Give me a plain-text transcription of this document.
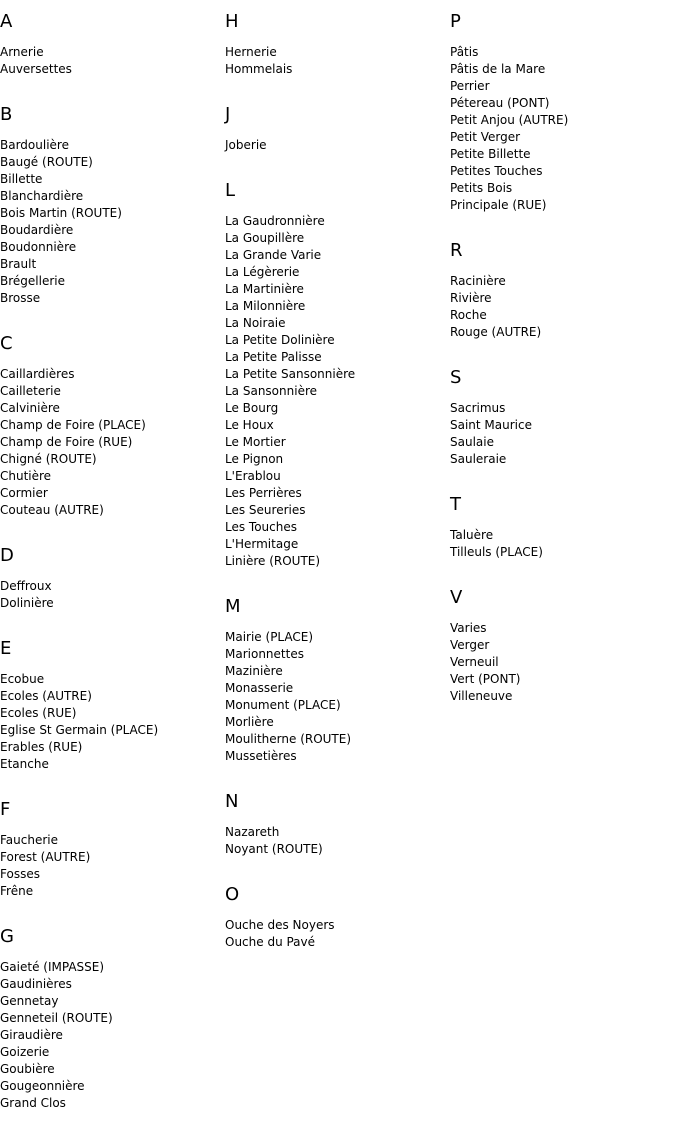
A
Arnerie
Auversettes
B
Bardoulière
Baugé (ROUTE)
Billette
Blanchardière
Bois Martin (ROUTE)
Boudardière
Boudonnière
Brault
Brégellerie
Brosse
C
Caillardières
Cailleterie
Calvinière
Champ de Foire (PLACE)
Champ de Foire (RUE)
Chigné (ROUTE)
Chutière
Cormier
Couteau (AUTRE)
D
Deffroux
Dolinière
E
Ecobue
Ecoles (AUTRE)
Ecoles (RUE)
Eglise St Germain (PLACE)
Erables (RUE)
Etanche
F
Faucherie
Forest (AUTRE)
Fosses
Frêne
G
Gaieté (IMPASSE)
Gaudinières
Gennetay
Genneteil (ROUTE)
Giraudière
Goizerie
Goubière
Gougeonnière
Grand Clos
H
Hernerie
Hommelais
J
Joberie
L
La Gaudronnière
La Goupillère
La Grande Varie
La Légèrerie
La Martinière
La Milonnière
La Noiraie
La Petite Dolinière
La Petite Palisse
La Petite Sansonnière
La Sansonnière
Le Bourg
Le Houx
Le Mortier
Le Pignon
L'Erablou
Les Perrières
Les Seureries
Les Touches
L'Hermitage
Linière (ROUTE)
M
Mairie (PLACE)
Marionnettes
Mazinière
Monasserie
Monument (PLACE)
Morlière
Moulitherne (ROUTE)
Mussetières
N
Nazareth
Noyant (ROUTE)
O
Ouche des Noyers
Ouche du Pavé
P
Pâtis
Pâtis de la Mare
Perrier
Pétereau (PONT)
Petit Anjou (AUTRE)
Petit Verger
Petite Billette
Petites Touches
Petits Bois
Principale (RUE)
R
Racinière
Rivière
Roche
Rouge (AUTRE)
S
Sacrimus
Saint Maurice
Saulaie
Sauleraie
T
Taluère
Tilleuls (PLACE)
V
Varies
Verger
Verneuil
Vert (PONT)
Villeneuve
